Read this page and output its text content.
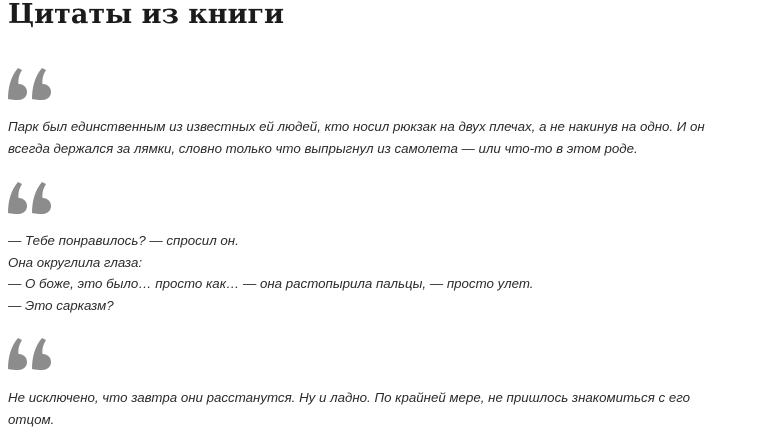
Цитаты из книги
Парк был единственным из известных ей людей, кто носил рюкзак на двух плечах, а не накинув на одно. И он
всегда держался за лямки, словно только что выпрыгнул из самолета — или что-то в этом роде.
— Тебе понравилось? — спросил он.
Она округлила глаза:
— О боже, это было… просто как… — она растопырила пальцы, — просто улет.
— Это сарказм?
Не исключено, что завтра они расстанутся. Ну и ладно. По крайней мере, не пришлось знакомиться с его
отцом.
